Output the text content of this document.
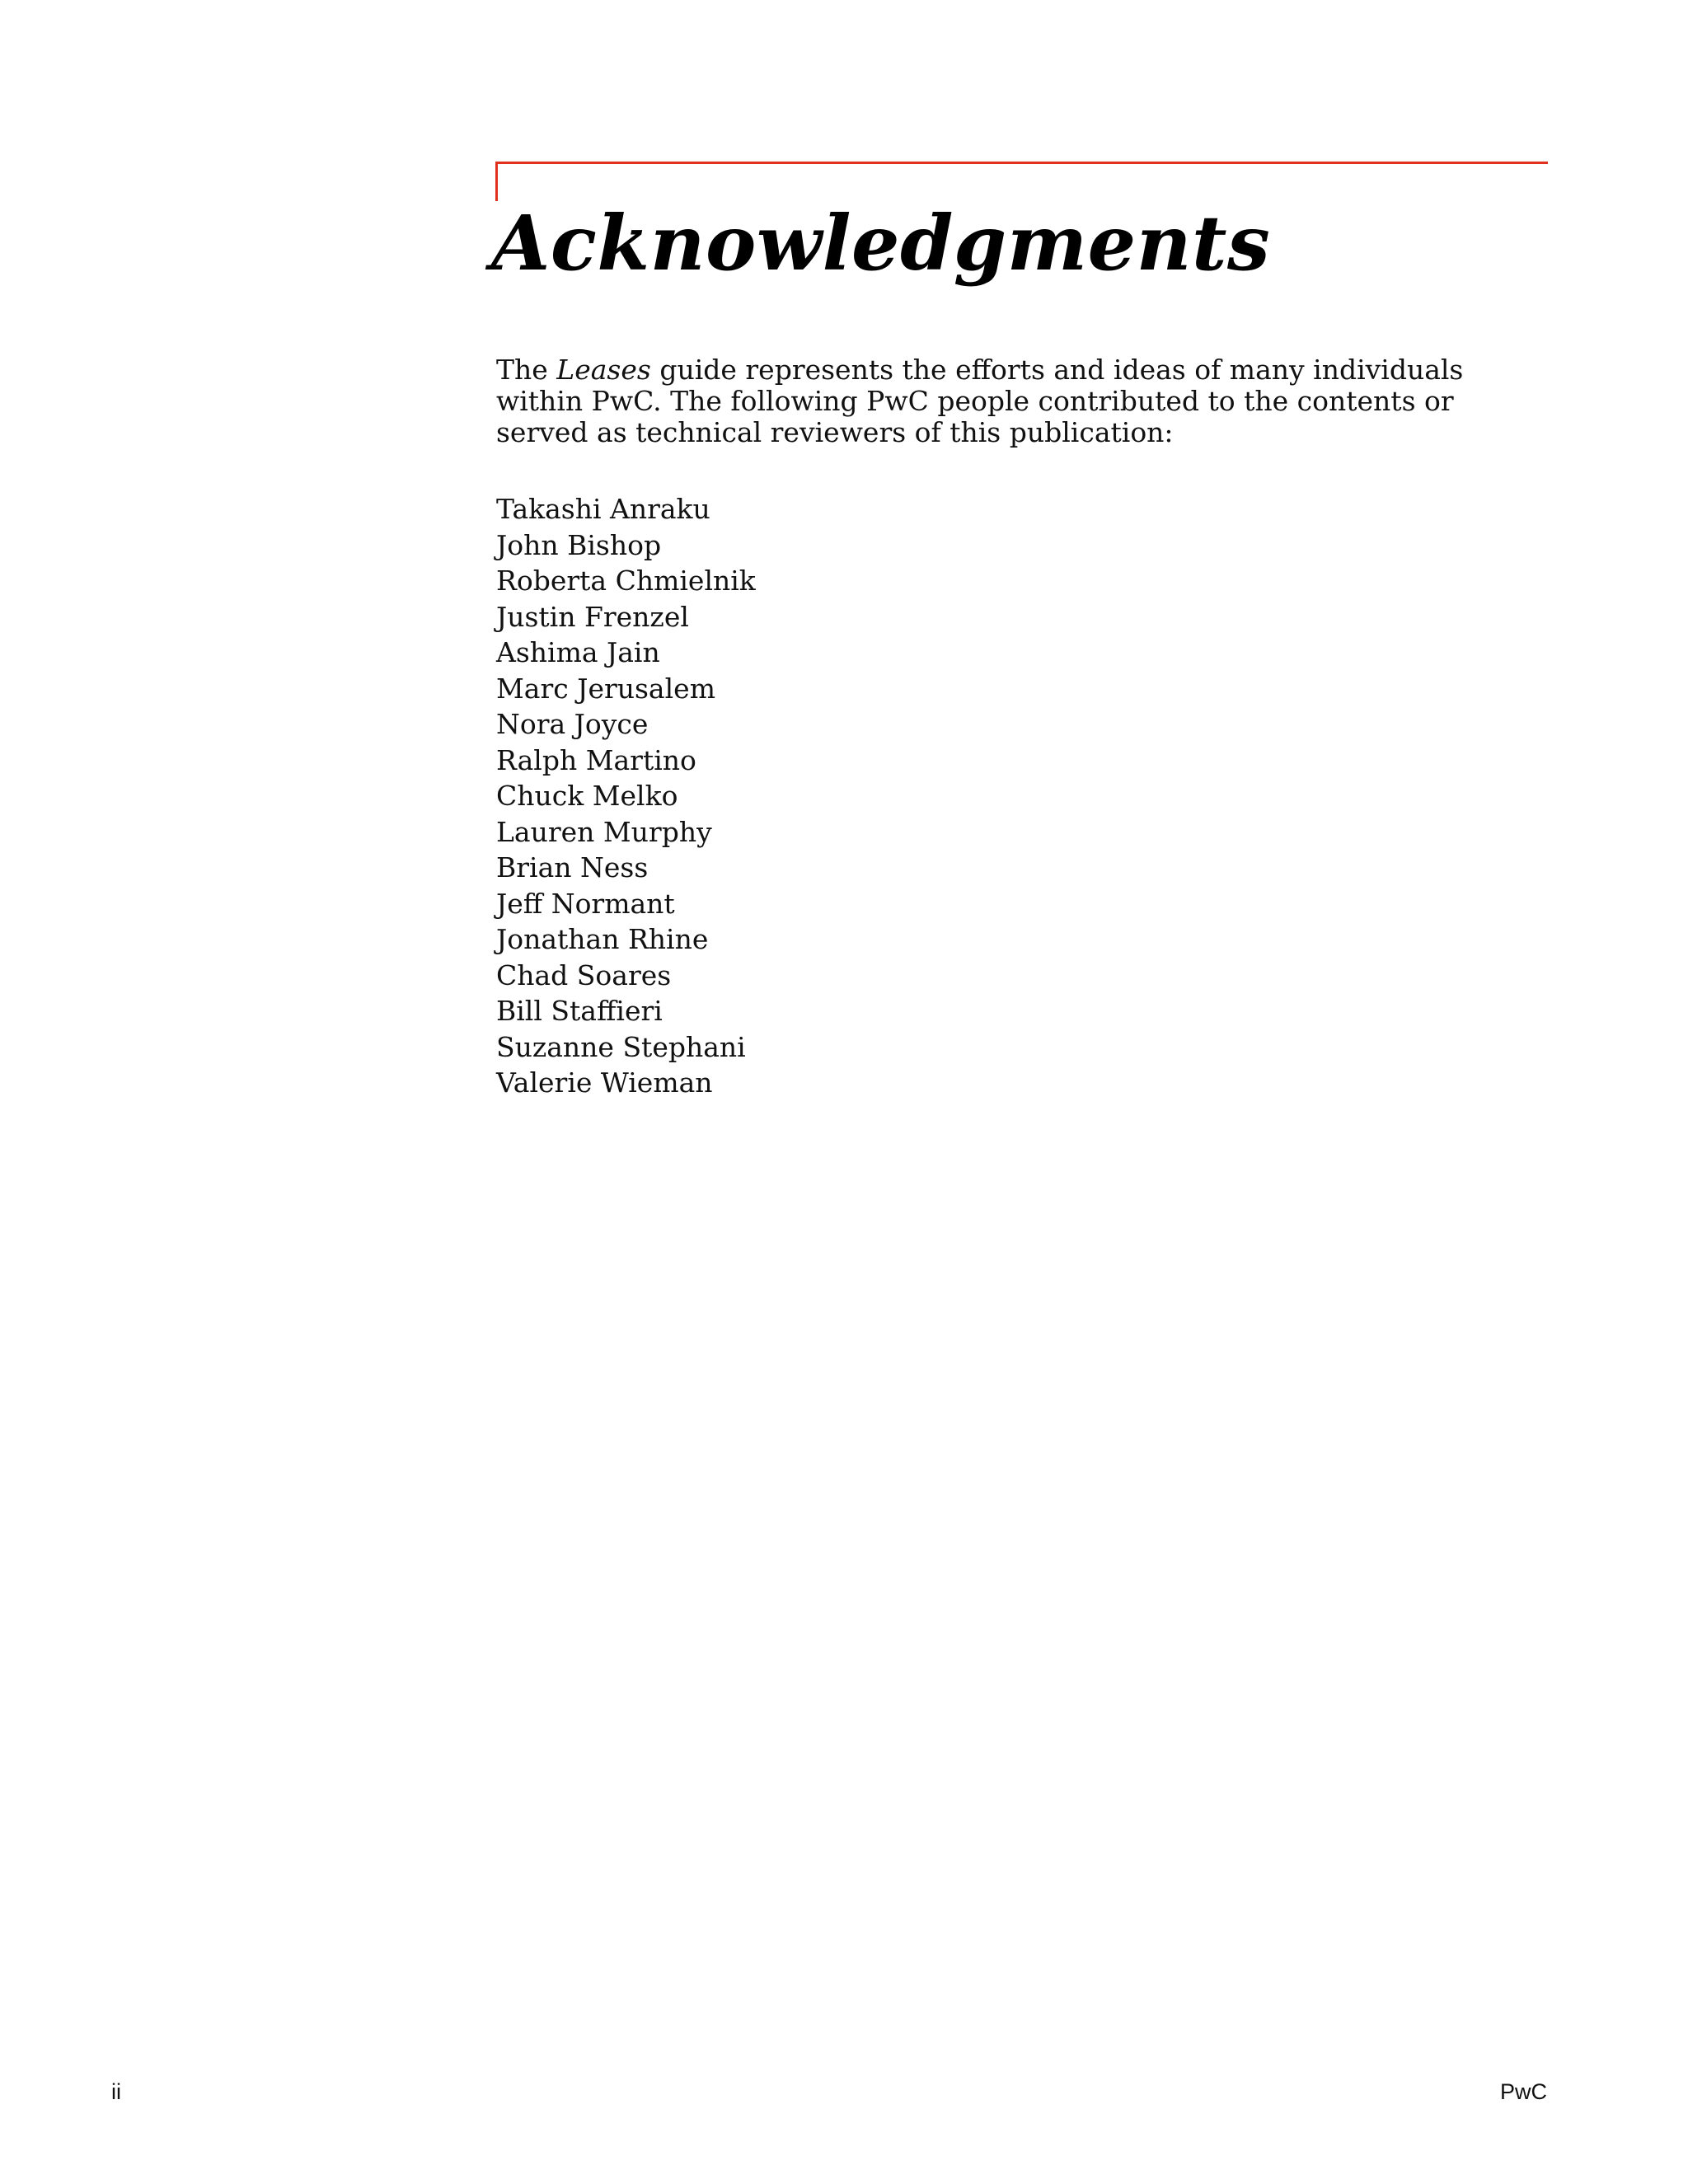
Acknowledgments

The Leases guide represents the efforts and ideas of many individuals within PwC. The following PwC people contributed to the contents or served as technical reviewers of this publication:

Takashi Anraku
John Bishop
Roberta Chmielnik
Justin Frenzel
Ashima Jain
Marc Jerusalem
Nora Joyce
Ralph Martino
Chuck Melko
Lauren Murphy
Brian Ness
Jeff Normant
Jonathan Rhine
Chad Soares
Bill Staffieri
Suzanne Stephani
Valerie Wieman
ii	PwC
